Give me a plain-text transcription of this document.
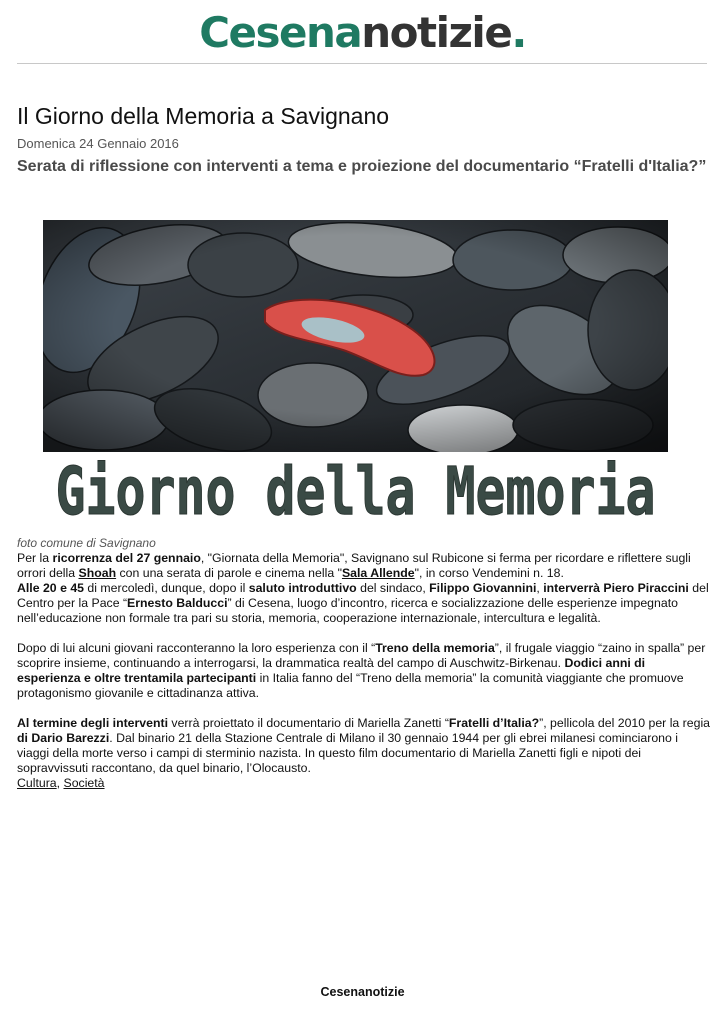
Cesenanotizie.
Il Giorno della Memoria a Savignano
Domenica 24 Gennaio 2016
Serata di riflessione con interventi a tema e proiezione del documentario “Fratelli d'Italia?”
Giorno della Memoria
foto comune di Savignano

Per la ricorrenza del 27 gennaio, "Giornata della Memoria", Savignano sul Rubicone si ferma per ricordare e riflettere sugli orrori della Shoah con una serata di parole e cinema nella "Sala Allende", in corso Vendemini n. 18.
Alle 20 e 45 di mercoledì, dunque, dopo il saluto introduttivo del sindaco, Filippo Giovannini, interverrà Piero Piraccini del Centro per la Pace “Ernesto Balducci” di Cesena, luogo d’incontro, ricerca e socializzazione delle esperienze impegnato nell’educazione non formale tra pari su storia, memoria, cooperazione internazionale, intercultura e legalità.

Dopo di lui alcuni giovani racconteranno la loro esperienza con il “Treno della memoria”, il frugale viaggio “zaino in spalla” per scoprire insieme, continuando a interrogarsi, la drammatica realtà del campo di Auschwitz-Birkenau. Dodici anni di esperienza e oltre trentamila partecipanti in Italia fanno del “Treno della memoria” la comunità viaggiante che promuove protagonismo giovanile e cittadinanza attiva.

Al termine degli interventi verrà proiettato il documentario di Mariella Zanetti “Fratelli d’Italia?”, pellicola del 2010 per la regia di Dario Barezzi. Dal binario 21 della Stazione Centrale di Milano il 30 gennaio 1944 per gli ebrei milanesi cominciarono i viaggi della morte verso i campi di sterminio nazista. In questo film documentario di Mariella Zanetti figli e nipoti dei sopravvissuti raccontano, da quel binario, l’Olocausto.
Cultura, Società

Cesenanotizie
